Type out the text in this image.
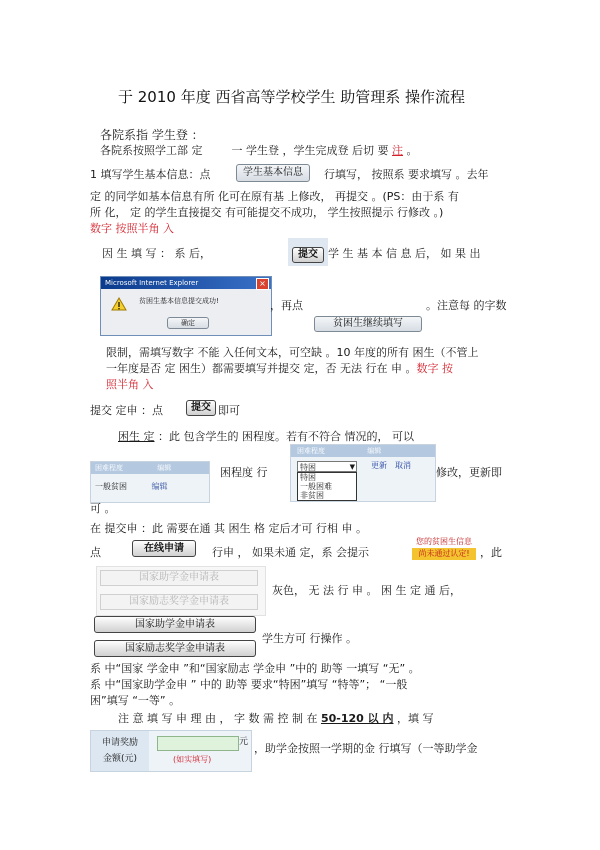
于 2010 年度 西省高等学校学生 助管理系 操作流程
各院系指 学生登 ：
各院系按照学工部 定	一 学生登 ，学生完成登 后切 要 注 。
1 填写学生基本信息：点	学生基本信息	行填写， 按照系 要求填写 。去年
定 的同学如基本信息有所 化可在原有基 上修改， 再提交 。(PS：由于系 有
所 化， 定 的学生直接提交 有可能提交不成功， 学生按照提示 行修改 。)
数字 按照半角 入
因 生 填 写 ： 系 后，	提交 学 生 基 本 信 息 后， 如 果 出
Microsoft Internet Explorer	×
贫困生基本信息提交成功!
确定
，再点
贫困生继续填写
。注意每 的字数
限制，需填写数字 不能 入任何文本，可空缺 。10 年度的所有 困生（不管上
一年度是否 定 困生）都需要填写并提交 定，否 无法 行在 申 。数字 按
照半角 入
提交 定申 ：点	提交 即可
困生 定 ：此 包含学生的 困程度。若有不符合 情况的， 可以
困难程度	编辑
一般贫困	编辑
困程度 行
困难程度	编辑
特困	▼
特困
一般困难
非贫困
更新 取消
修改，更新即
可 。
在 提交申 ：此 需要在通 其 困生 格 定后才可 行相 申 。
点	在线申请	行申 ， 如果未通 定，系 会提示
您的贫困生信息
尚未通过认定! ，此
国家助学金申请表
国家励志奖学金申请表
灰色， 无 法 行 申 。 困 生 定 通 后，
国家助学金申请表
国家励志奖学金申请表
学生方可 行操作 。
系 中“国家 学金申 ”和“国家励志 学金申 ”中的 助等 一填写 “无” 。
系 中“国家助学金申 ” 中的 助等 要求“特困”填写 “特等”； “一般
困”填写 “一等” 。
注 意 填 写 申 理 由 ， 字 数 需 控 制 在 50-120 以 内 ，填 写
申请奖励
金额(元)
元
(如实填写)
，助学金按照一学期的金 行填写（一等助学金
